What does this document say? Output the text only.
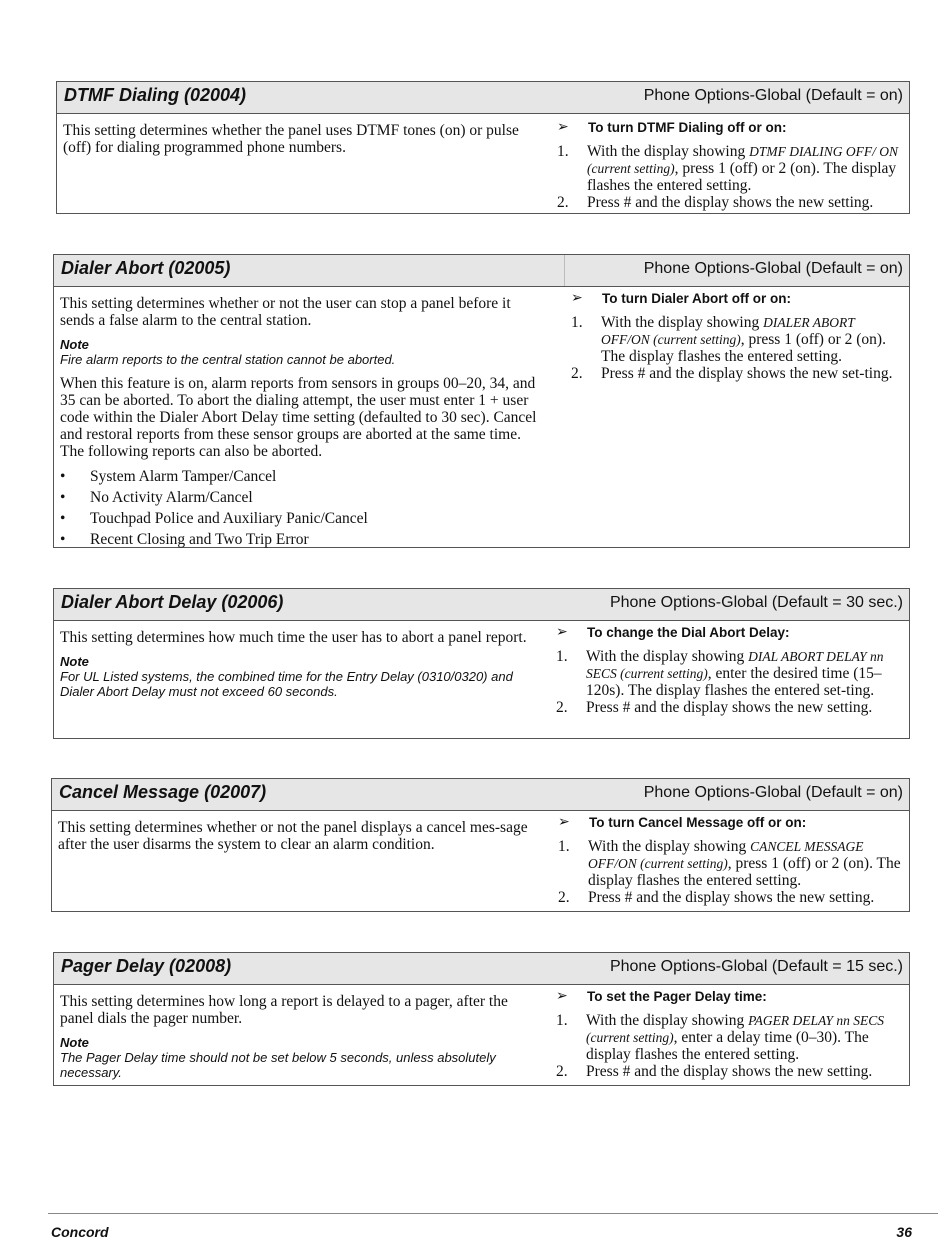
DTMF Dialing (02004)	Phone Options-Global (Default = on)

This setting determines whether the panel uses DTMF tones (on) or pulse (off) for dialing programmed phone numbers.

➢ To turn DTMF Dialing off or on:
1. With the display showing DTMF DIALING OFF/ ON (current setting), press 1 (off) or 2 (on). The display flashes the entered setting.
2. Press # and the display shows the new setting.
Dialer Abort (02005)	Phone Options-Global (Default = on)

This setting determines whether or not the user can stop a panel before it sends a false alarm to the central station.

Note
Fire alarm reports to the central station cannot be aborted.

When this feature is on, alarm reports from sensors in groups 00–20, 34, and 35 can be aborted. To abort the dialing attempt, the user must enter 1 + user code within the Dialer Abort Delay time setting (defaulted to 30 sec). Cancel and restoral reports from these sensor groups are aborted at the same time. The following reports can also be aborted.

• System Alarm Tamper/Cancel
• No Activity Alarm/Cancel
• Touchpad Police and Auxiliary Panic/Cancel
• Recent Closing and Two Trip Error
➢ To turn Dialer Abort off or on:
1. With the display showing DIALER ABORT OFF/ON (current setting), press 1 (off) or 2 (on). The display flashes the entered setting.
2. Press # and the display shows the new set-ting.
Dialer Abort Delay (02006)	Phone Options-Global (Default = 30 sec.)

This setting determines how much time the user has to abort a panel report.

Note
For UL Listed systems, the combined time for the Entry Delay (0310/0320) and Dialer Abort Delay must not exceed 60 seconds.
➢ To change the Dial Abort Delay:
1. With the display showing DIAL ABORT DELAY nn SECS (current setting), enter the desired time (15–120s). The display flashes the entered set-ting.
2. Press # and the display shows the new setting.
Cancel Message (02007)	Phone Options-Global (Default = on)

This setting determines whether or not the panel displays a cancel mes-sage after the user disarms the system to clear an alarm condition.

➢ To turn Cancel Message off or on:
1. With the display showing CANCEL MESSAGE OFF/ON (current setting), press 1 (off) or 2 (on). The display flashes the entered setting.
2. Press # and the display shows the new setting.
Pager Delay (02008)	Phone Options-Global (Default = 15 sec.)

This setting determines how long a report is delayed to a pager, after the panel dials the pager number.

Note
The Pager Delay time should not be set below 5 seconds, unless absolutely necessary.
➢ To set the Pager Delay time:
1. With the display showing PAGER DELAY nn SECS (current setting), enter a delay time (0–30). The display flashes the entered setting.
2. Press # and the display shows the new setting.
Concord	36
